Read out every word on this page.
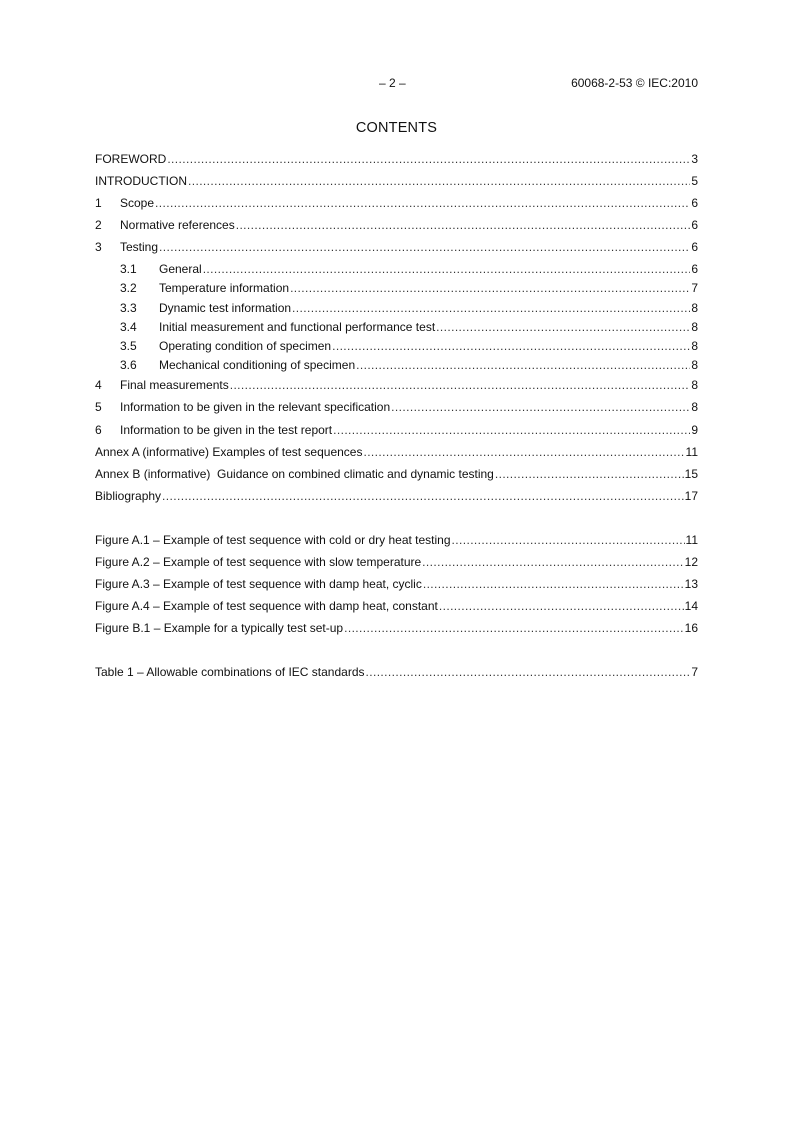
– 2 –	60068-2-53 © IEC:2010
CONTENTS
FOREWORD .....	3
INTRODUCTION .....	5
1	Scope .....	6
2	Normative references .....	6
3	Testing .....	6
3.1	General .....	6
3.2	Temperature information .....	7
3.3	Dynamic test information .....	8
3.4	Initial measurement and functional performance test .....	8
3.5	Operating condition of specimen .....	8
3.6	Mechanical conditioning of specimen .....	8
4	Final measurements .....	8
5	Information to be given in the relevant specification .....	8
6	Information to be given in the test report .....	9
Annex A (informative) Examples of test sequences .....	11
Annex B (informative)  Guidance on combined climatic and dynamic testing .....	15
Bibliography .....	17
Figure A.1 – Example of test sequence with cold or dry heat testing .....	11
Figure A.2 – Example of test sequence with slow temperature .....	12
Figure A.3 – Example of test sequence with damp heat, cyclic .....	13
Figure A.4 – Example of test sequence with damp heat, constant .....	14
Figure B.1 – Example for a typically test set-up .....	16
Table 1 – Allowable combinations of IEC standards .....	7
